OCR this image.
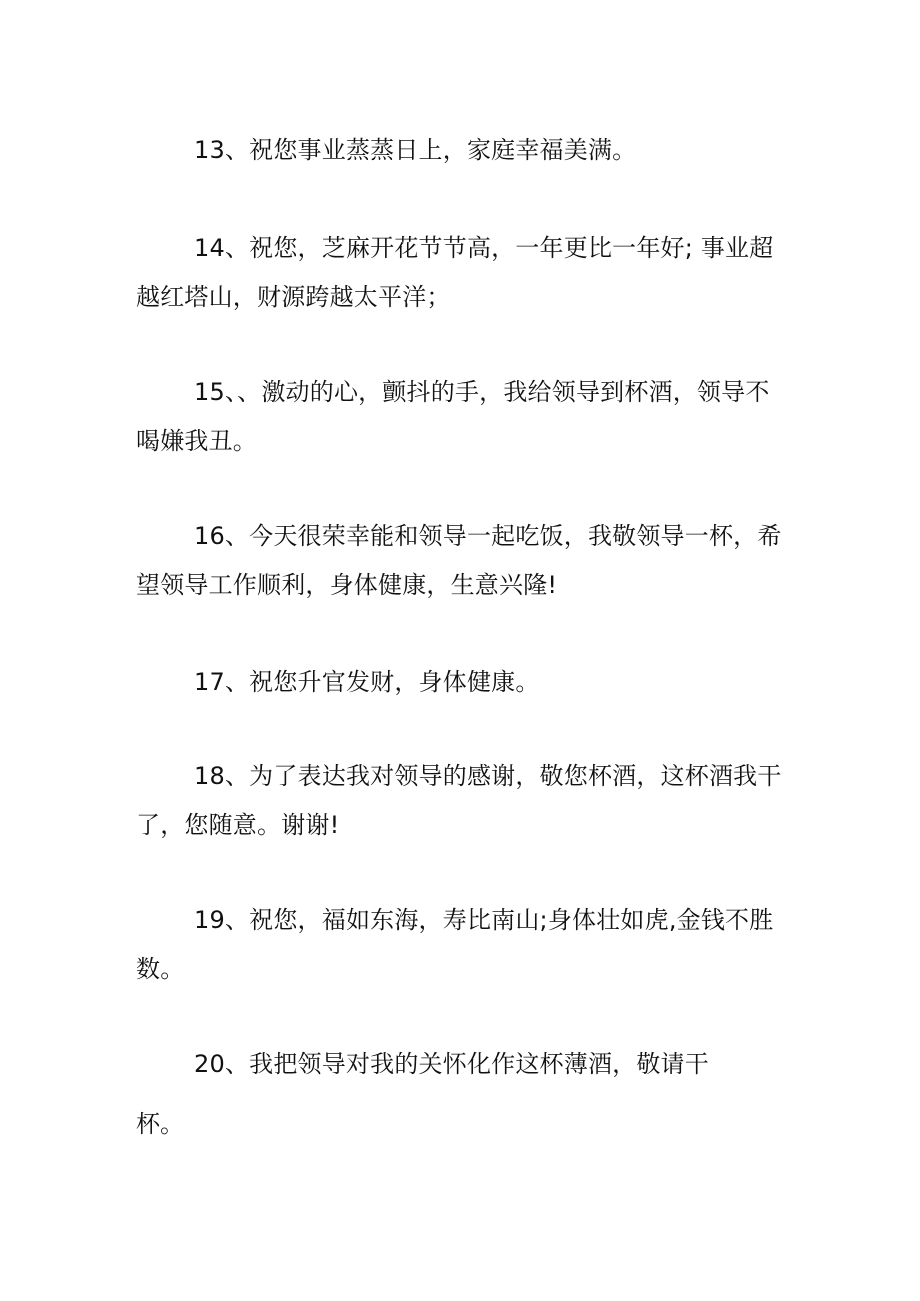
13、祝您事业蒸蒸日上，家庭幸福美满。

14、祝您，芝麻开花节节高，一年更比一年好; 事业超越红塔山，财源跨越太平洋；

15、、激动的心，颤抖的手，我给领导到杯酒，领导不喝嫌我丑。

16、今天很荣幸能和领导一起吃饭，我敬领导一杯，希望领导工作顺利，身体健康，生意兴隆!

17、祝您升官发财，身体健康。

18、为了表达我对领导的感谢，敬您杯酒，这杯酒我干了，您随意。谢谢!

19、祝您，福如东海，寿比南山;身体壮如虎,金钱不胜数。

20、我把领导对我的关怀化作这杯薄酒，敬请干

杯。
